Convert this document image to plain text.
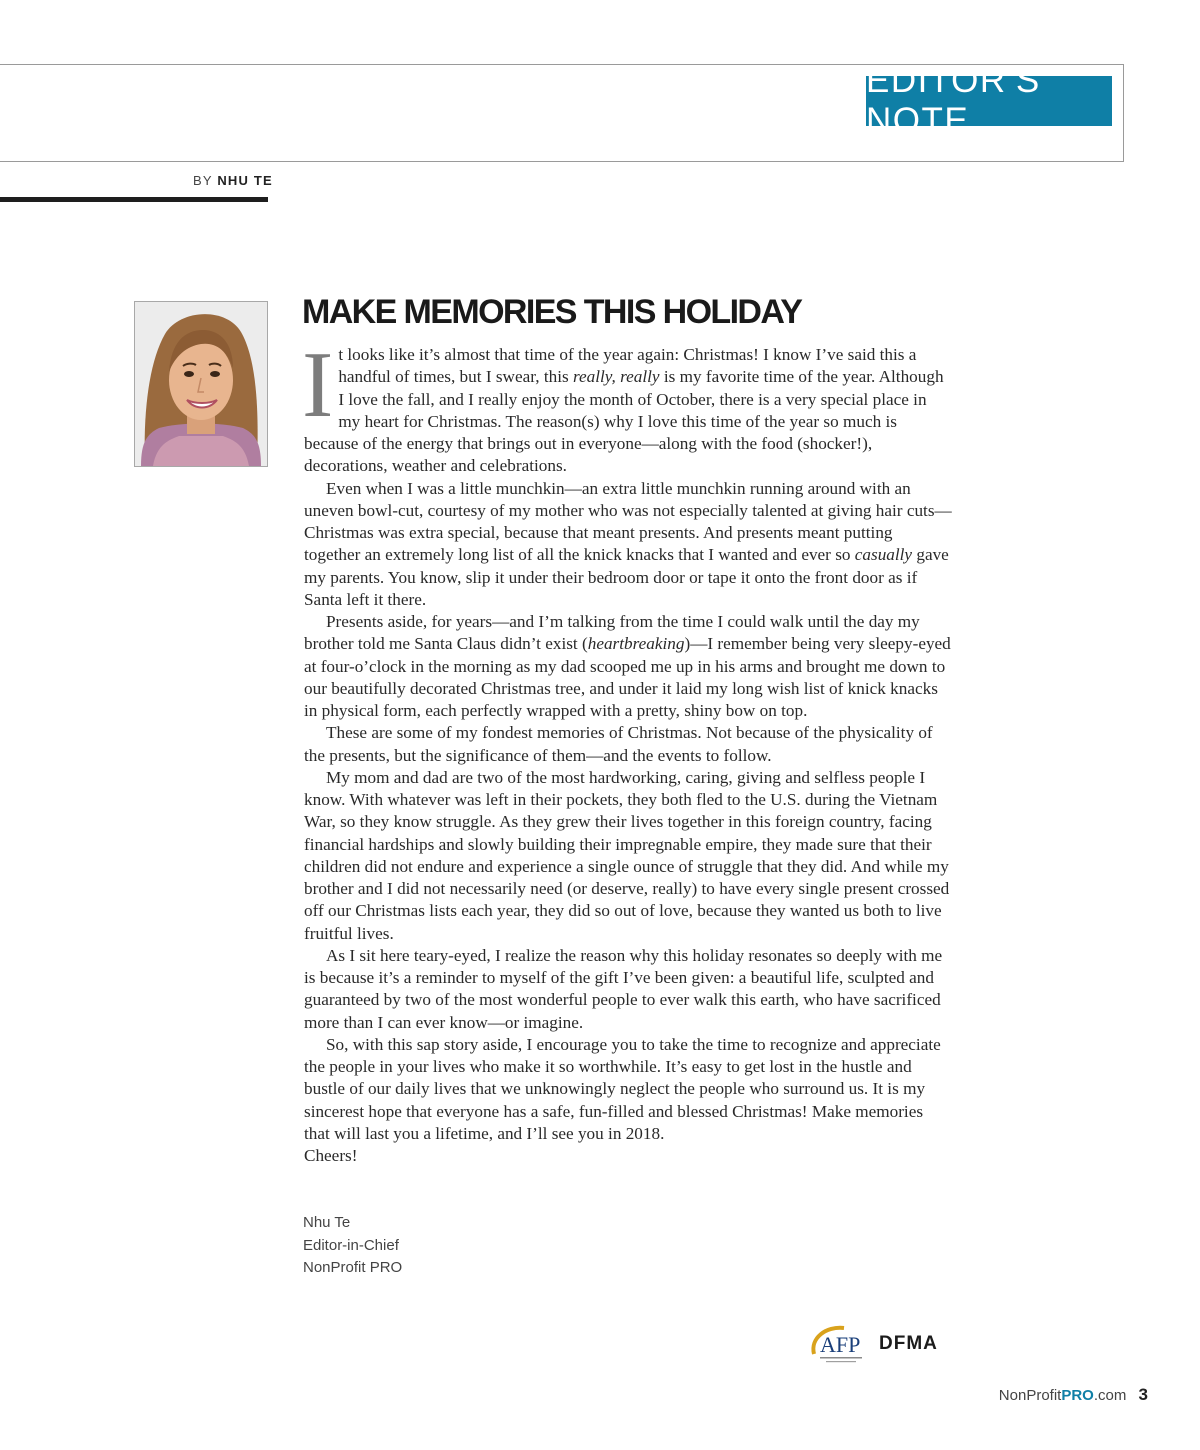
EDITOR’S NOTE
BY NHU TE
MAKE MEMORIES THIS HOLIDAY

It looks like it’s almost that time of the year again: Christmas! I know I’ve said this a handful of times, but I swear, this really, really is my favorite time of the year. Although I love the fall, and I really enjoy the month of October, there is a very special place in my heart for Christmas. The reason(s) why I love this time of the year so much is because of the energy that brings out in everyone—along with the food (shocker!), decorations, weather and celebrations.

Even when I was a little munchkin—an extra little munchkin running around with an uneven bowl-cut, courtesy of my mother who was not especially talented at giving hair cuts—Christmas was extra special, because that meant presents. And presents meant putting together an extremely long list of all the knick knacks that I wanted and ever so casually gave my parents. You know, slip it under their bedroom door or tape it onto the front door as if Santa left it there.

Presents aside, for years—and I’m talking from the time I could walk until the day my brother told me Santa Claus didn’t exist (heartbreaking)—I remember being very sleepy-eyed at four-o’clock in the morning as my dad scooped me up in his arms and brought me down to our beautifully decorated Christmas tree, and under it laid my long wish list of knick knacks in physical form, each perfectly wrapped with a pretty, shiny bow on top.

These are some of my fondest memories of Christmas. Not because of the physicality of the presents, but the significance of them—and the events to follow.

My mom and dad are two of the most hardworking, caring, giving and selfless people I know. With whatever was left in their pockets, they both fled to the U.S. during the Vietnam War, so they know struggle. As they grew their lives together in this foreign country, facing financial hardships and slowly building their impregnable empire, they made sure that their children did not endure and experience a single ounce of struggle that they did. And while my brother and I did not necessarily need (or deserve, really) to have every single present crossed off our Christmas lists each year, they did so out of love, because they wanted us both to live fruitful lives.

As I sit here teary-eyed, I realize the reason why this holiday resonates so deeply with me is because it’s a reminder to myself of the gift I’ve been given: a beautiful life, sculpted and guaranteed by two of the most wonderful people to ever walk this earth, who have sacrificed more than I can ever know—or imagine.

So, with this sap story aside, I encourage you to take the time to recognize and appreciate the people in your lives who make it so worthwhile. It’s easy to get lost in the hustle and bustle of our daily lives that we unknowingly neglect the people who surround us. It is my sincerest hope that everyone has a safe, fun-filled and blessed Christmas! Make memories that will last you a lifetime, and I’ll see you in 2018.

Cheers!

Nhu Te
Editor-in-Chief
NonProfit PRO
AFP DFMA
NonProfitPRO.com 3
